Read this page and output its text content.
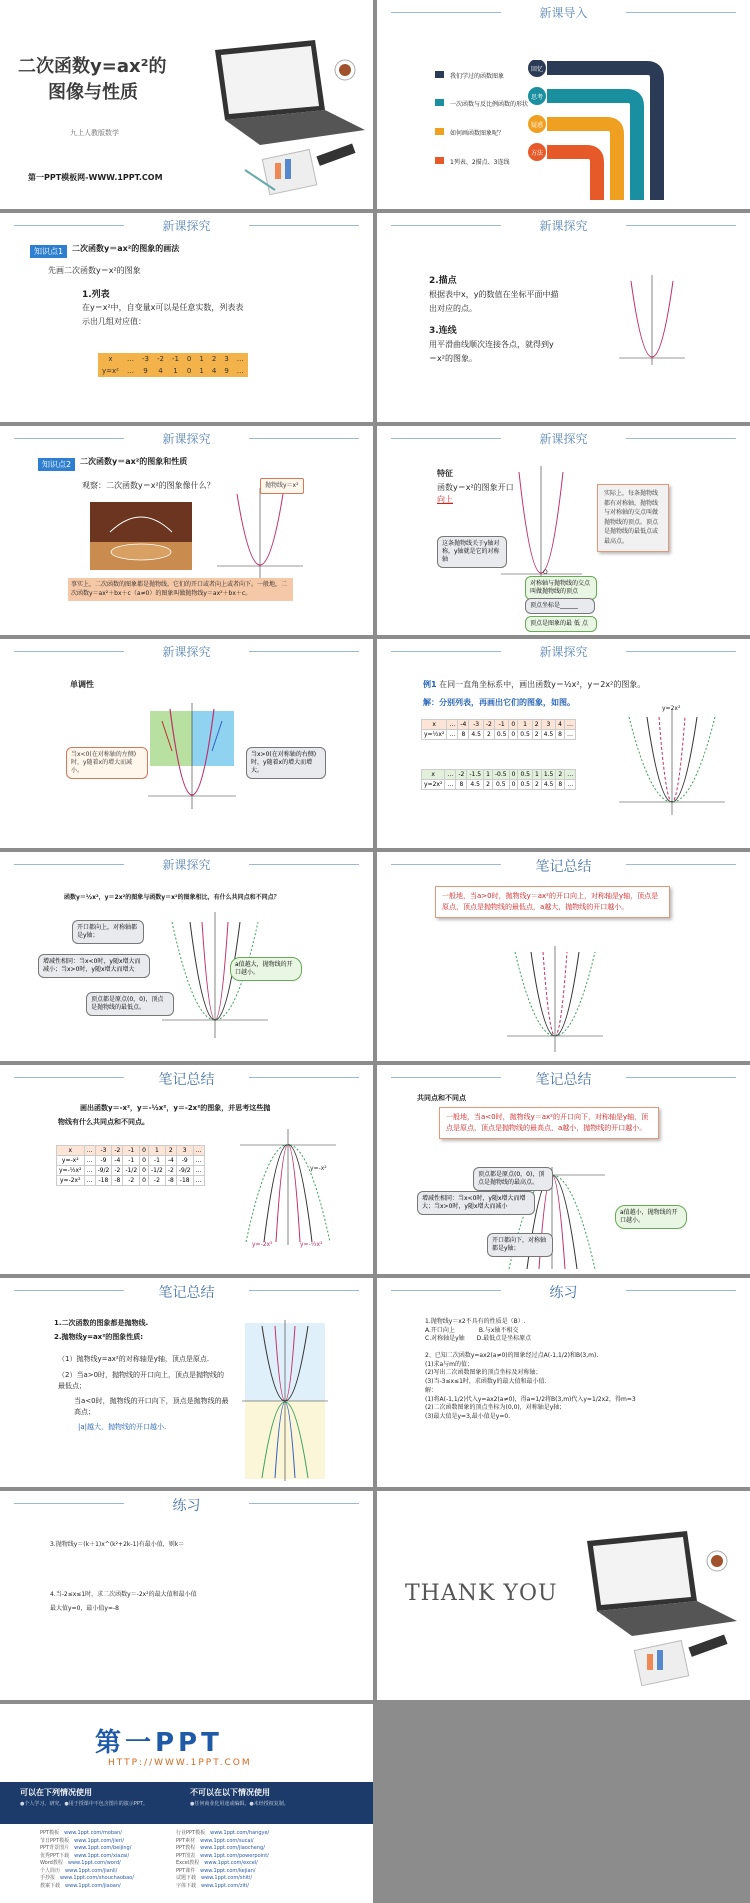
二次函数y=ax²的
图像与性质
九上人教版数学
第一PPT模板网-WWW.1PPT.COM
新课导入
我们学过的函数图象
一次函数与反比例函数的形状
如何画函数图象呢？
1列表、2描点、3连线
回忆
思考
疑惑
方法
新课探究
知识点1	二次函数y＝ax²的图象的画法
先画二次函数y＝x²的图象
1.列表
在y＝x²中，自变量x可以是任意实数，列表表
示出几组对应值：
x	…	-3	-2	-1	0	1	2	3	…
y=x²	…	9	4	1	0	1	4	9	…
新课探究
2.描点
根据表中x，y的数值在坐标平面中描
出对应的点。
3.连线
用平滑曲线顺次连接各点，就得到y
＝x²的图象。
新课探究
知识点2	二次函数y＝ax²的图象和性质
观察：二次函数y＝x²的图象像什么？	抛物线y＝x²
事实上，二次函数的图象都是抛物线。它们的开口或者向上或者向下。一般地，二次函数y＝ax²＋bx＋c（a≠0）的图象叫做抛物线y＝ax²＋bx＋c。
新课探究
特征
函数y＝x²的图象开口 向上
O
这条抛物线关于y轴对称，y轴就是它的对称轴
对称轴与抛物线的交点叫做抛物线的顶点
顶点坐标是______
顶点是图象的最 低 点
实际上，每条抛物线都有对称轴，抛物线与对称轴的交点叫做抛物线的顶点。顶点是抛物线的最低点或最高点。
新课探究
单调性
当x<0(在对称轴的左侧)时，y随着x的增大而减小。
当x>0(在对称轴的右侧)时，y随着x的增大而增大。
新课探究
例1 在同一直角坐标系中，画出函数y＝½x²，y＝2x²的图象。
解：分别列表，再画出它们的图象，如图。
x	…	-4	-3	-2	-1	0	1	2	3	4	…
y=½x²	…	8	4.5	2	0.5	0	0.5	2	4.5	8	…
x	…	-2	-1.5	1	-0.5	0	0.5	1	1.5	2	…
y=2x²	…	8	4.5	2	0.5	0	0.5	2	4.5	8	…
y=2x²
新课探究
函数y＝½x²，y＝2x²的图象与函数y＝x²的图象相比，有什么共同点和不同点？
开口都向上，对称轴都是y轴；
增减性相同：当x<0时，y随x增大而减小；当x>0时，y随x增大而增大
顶点都是原点(0，0)，顶点是抛物线的最低点。
a值越大，抛物线的开口越小。
笔记总结
一般地，当a>0时，抛物线y＝ax²的开口向上，对称轴是y轴，顶点是原点，顶点是抛物线的最低点，a越大，抛物线的开口越小。
笔记总结
画出函数y＝-x²，y＝-½x²，y＝-2x²的图象，并思考这些抛
物线有什么共同点和不同点。
x	…	-3	-2	-1	0	1	2	3	…
y=-x²	…	-9	-4	-1	0	-1	-4	-9	…
y=-½x²	…	-9/2	-2	-1/2	0	-1/2	-2	-9/2	…
y=-2x²	…	-18	-8	-2	0	-2	-8	-18	…
y=-2x²	y=-½x²
y=-x²
笔记总结
共同点和不同点
一般地，当a<0时，抛物线y＝ax²的开口向下，对称轴是y轴，顶点是原点，顶点是抛物线的最高点，a越小，抛物线的开口越小。
顶点都是原点(0，0)，顶点是抛物线的最高点。
增减性相同：当x<0时，y随x增大而增大；当x>0时，y随x增大而减小
开口都向下，对称轴都是y轴；
a值越小，抛物线的开口越小。
笔记总结
1.二次函数的图象都是抛物线.
2.抛物线y=ax²的图象性质:
（1）抛物线y=ax²的对称轴是y轴，顶点是原点.
（2）当a>0时，抛物线的开口向上，顶点是抛物线的最低点；
当a<0时，抛物线的开口向下，顶点是抛物线的最高点；
|a|越大，抛物线的开口越小.
练习
1.抛物线y＝x2不具有的性质是（B）.
A.开口向上　　　　B.与x轴不相交
C.对称轴是y轴　　D.最低点是坐标原点
2、已知二次函数y=ax2(a≠0)的图象经过点A(-1,1/2)和B(3,m).
(1)求a与m的值；
(2)写出二次函数图象的顶点坐标及对称轴；
(3)当-3≤x≤1时，求函数y的最大值和最小值.
解：
(1)将A(-1,1/2)代入y=ax2(a≠0)，得a=1/2将B(3,m)代入y=1/2x2，得m=3
(2)二次函数图象的顶点坐标为(0,0)，对称轴是y轴；
(3)最大值是y=3,最小值是y=0.
练习
3.抛物线y＝(k＋1)x^(k²+2k-1)有最小值，则k＝
4.当-2≤x≤1时，求二次函数y＝-2x²的最大值和最小值
最大值y=0，最小值y=-8
THANK YOU
第一PPT
HTTP://WWW.1PPT.COM
可以在下列情况使用
●个人学习、研究。●用于授课中不包含图片的演示PPT。
不可以在以下情况使用
●任何商业化用途或编辑。●未经授权复制。
PPT模板　 www.1ppt.com/moban/
节日PPT模板　 www.1ppt.com/jieri/
PPT背景图片　 www.1ppt.com/beijing/
优秀PPT下载　 www.1ppt.com/xiazai/
Word教程　 www.1ppt.com/word/
个人简历　 www.1ppt.com/jianli/
手抄报　 www.1ppt.com/shouchaobao/
教案下载　 www.1ppt.com/jiaoan/
行业PPT模板　 www.1ppt.com/hangye/
PPT素材　 www.1ppt.com/sucai/
PPT教程　 www.1ppt.com/jiaocheng/
PPT图表　 www.1ppt.com/powerpoint/
Excel教程　 www.1ppt.com/excel/
PPT课件　 www.1ppt.com/kejian/
试题下载　 www.1ppt.com/shiti/
字体下载　 www.1ppt.com/ziti/
